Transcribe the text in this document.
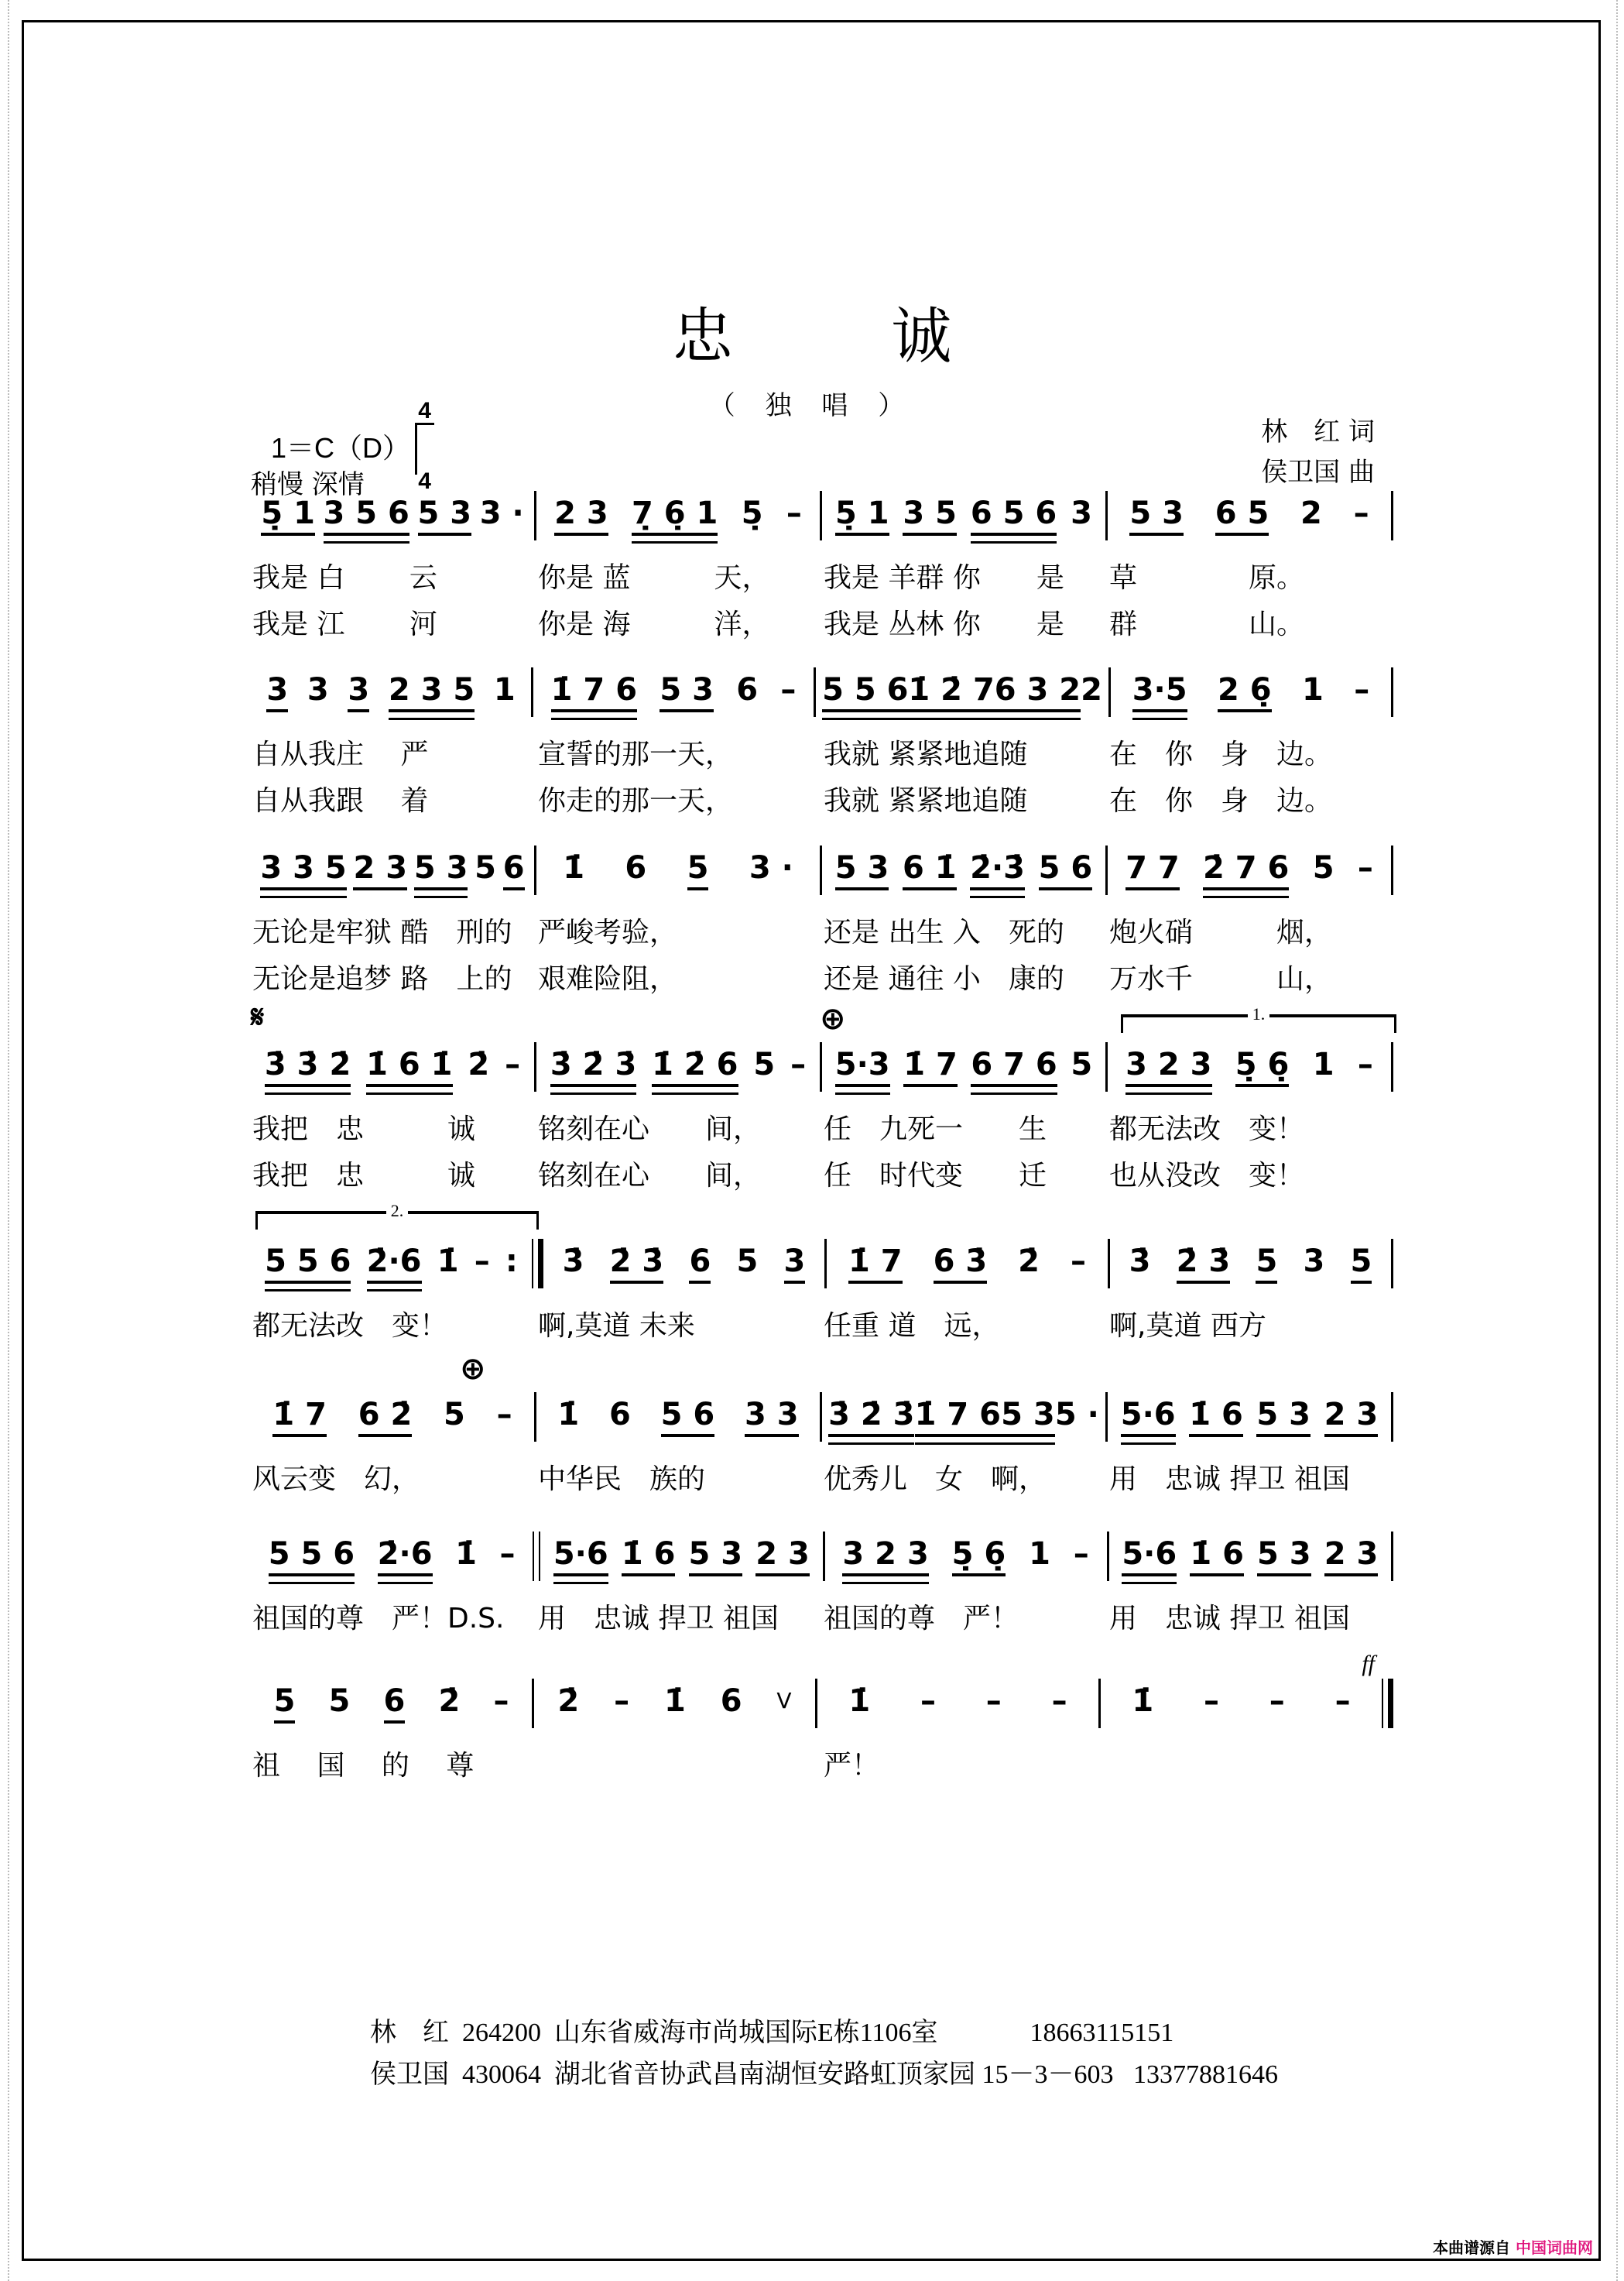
忠 诚
（ 独 唱 ）
1＝C（D）
4
4
稍慢 深情
林　红 词
侯卫国 曲
5̣ 1 3 5 6 5 3 3 · 2 3 7̣ 6̣ 1 5̣ – 5̣ 1 3 5 6 5 6 3 5 3 6 5 2 –
我是 白　　 云	你是 蓝　　　天，	我是 羊群 你　　是	草　　　　原。
我是 江　　 河	你是 海　　　洋，	我是 丛林 你　　是	群　　　　山。
3 3 3 2 3 5 1 1̇ 7 6 5 3 6 – 5 5 6 1̇ 2̇ 7 6 3 2 2 3·5 2 6̣ 1 –
自从我庄　 严	宣誓的那一天，	我就 紧紧地追随	在　你　身　边。
自从我跟　 着	你走的那一天，	我就 紧紧地追随	在　你　身　边。
3 3 5 2 3 5 3 5 6 1̇ 6 5 3 · 5 3 6 1̇ 2̇·3̇ 5 6 7 7 2̇ 7 6 5 –
无论是牢狱 酷　刑的 严峻考验，	还是 出生 入　死的	炮火硝　　　烟，
无论是追梦 路　上的 艰难险阻，	还是 通往 小　康的	万水千　　　山，
3̇ 3̇ 2̇ 1̇ 6 1̇ 2̇ – 3̇ 2̇ 3̇ 1̇ 2̇ 6 5 – 5·3 1̇ 7 6 7 6 5 3 2 3 5̣ 6̣ 1 –
我把　忠　　　诚	铭刻在心　　间，	任　九死一　　生	都无法改　变！
我把　忠　　　诚	铭刻在心　　间，	任　时代变　　迁	也从没改　变！
𝄋	⊕	1.
5 5 6 2̇·6 1̇ – : 3̇ 2̇ 3̇ 6 5 3 1̇ 7 6 3̇ 2̇ – 3̇ 2̇ 3̇ 5 3 5
都无法改　变！	啊,莫道 未来	任重 道　远，	啊,莫道 西方
2.
1̇ 7 6 2̇ 5 – 1̇ 6 5 6 3 3 3̇ 2̇ 3̇ 1̇ 7 6 5 3 5 · 5·6 1̇ 6 5 3 2 3
风云变　幻，	中华民　族的	优秀儿　女　啊，	用　忠诚 捍卫 祖国
⊕
5 5 6 2̇·6 1̇ – 5·6 1̇ 6 5 3 2 3 3 2 3 5̣ 6̣ 1 – 5·6 1̇ 6 5 3 2 3
祖国的尊　严！D.S.	用　忠诚 捍卫 祖国	祖国的尊　严！	用　忠诚 捍卫 祖国
5 5 6 2̇ – 2̇ – 1̇ 6 V 1̇ – – – 1̇ – – –
祖　 国　 的　 尊	严！
ff
林　红  264200  山东省威海市尚城国际E栋1106室              18663115151
侯卫国  430064  湖北省音协武昌南湖恒安路虹顶家园 15－3－603   13377881646
本曲谱源自 中国词曲网
